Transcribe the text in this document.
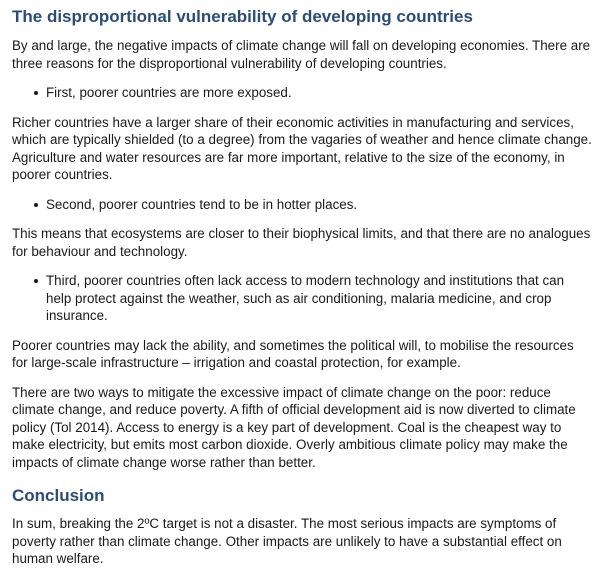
The disproportional vulnerability of developing countries

By and large, the negative impacts of climate change will fall on developing economies. There are three reasons for the disproportional vulnerability of developing countries.

First, poorer countries are more exposed.

Richer countries have a larger share of their economic activities in manufacturing and services, which are typically shielded (to a degree) from the vagaries of weather and hence climate change. Agriculture and water resources are far more important, relative to the size of the economy, in poorer countries.

Second, poorer countries tend to be in hotter places.

This means that ecosystems are closer to their biophysical limits, and that there are no analogues for behaviour and technology.

Third, poorer countries often lack access to modern technology and institutions that can help protect against the weather, such as air conditioning, malaria medicine, and crop insurance.

Poorer countries may lack the ability, and sometimes the political will, to mobilise the resources for large-scale infrastructure – irrigation and coastal protection, for example.

There are two ways to mitigate the excessive impact of climate change on the poor: reduce climate change, and reduce poverty. A fifth of official development aid is now diverted to climate policy (Tol 2014). Access to energy is a key part of development. Coal is the cheapest way to make electricity, but emits most carbon dioxide. Overly ambitious climate policy may make the impacts of climate change worse rather than better.

Conclusion

In sum, breaking the 2ºC target is not a disaster. The most serious impacts are symptoms of poverty rather than climate change. Other impacts are unlikely to have a substantial effect on human welfare.
